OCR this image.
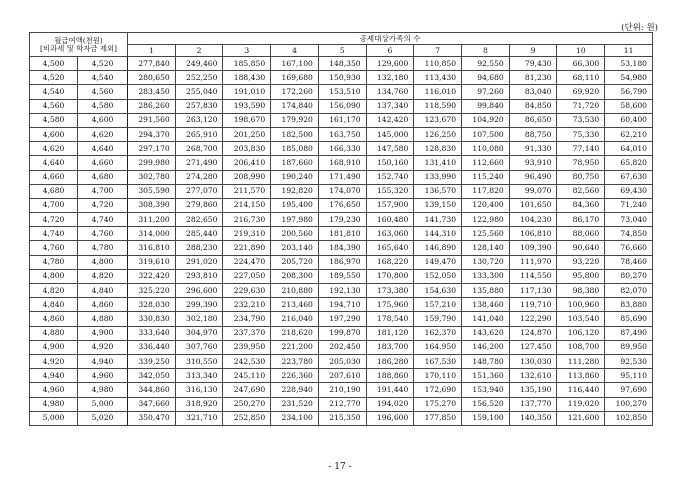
(단위: 원)
월급여액(천원)
[비과세 및 학자금 제외]		공제대상가족의 수										
		1	2	3	4	5	6	7	8	9	10	11
4,500	4,520	277,840	249,460	185,850	167,100	148,350	129,600	110,850	92,550	79,430	66,300	53,180
4,520	4,540	280,650	252,250	188,430	169,680	150,930	132,180	113,430	94,680	81,230	68,110	54,980
4,540	4,560	283,450	255,040	191,010	172,260	153,510	134,760	116,010	97,260	83,040	69,920	56,790
4,560	4,580	286,260	257,830	193,590	174,840	156,090	137,340	118,590	99,840	84,850	71,720	58,600
4,580	4,600	291,560	263,120	198,670	179,920	161,170	142,420	123,670	104,920	86,650	73,530	60,400
4,600	4,620	294,370	265,910	201,250	182,500	163,750	145,000	126,250	107,500	88,750	75,330	62,210
4,620	4,640	297,170	268,700	203,830	185,080	166,330	147,580	128,830	110,080	91,330	77,140	64,010
4,640	4,660	299,980	271,490	206,410	187,660	168,910	150,160	131,410	112,660	93,910	78,950	65,820
4,660	4,680	302,780	274,280	208,990	190,240	171,490	152,740	133,990	115,240	96,490	80,750	67,630
4,680	4,700	305,590	277,070	211,570	192,820	174,070	155,320	136,570	117,820	99,070	82,560	69,430
4,700	4,720	308,390	279,860	214,150	195,400	176,650	157,900	139,150	120,400	101,650	84,360	71,240
4,720	4,740	311,200	282,650	216,730	197,980	179,230	160,480	141,730	122,980	104,230	86,170	73,040
4,740	4,760	314,000	285,440	219,310	200,560	181,810	163,060	144,310	125,560	106,810	88,060	74,850
4,760	4,780	316,810	288,230	221,890	203,140	184,390	165,640	146,890	128,140	109,390	90,640	76,660
4,780	4,800	319,610	291,020	224,470	205,720	186,970	168,220	149,470	130,720	111,970	93,220	78,460
4,800	4,820	322,420	293,810	227,050	208,300	189,550	170,800	152,050	133,300	114,550	95,800	80,270
4,820	4,840	325,220	296,600	229,630	210,880	192,130	173,380	154,630	135,880	117,130	98,380	82,070
4,840	4,860	328,030	299,390	232,210	213,460	194,710	175,960	157,210	138,460	119,710	100,960	83,880
4,860	4,880	330,830	302,180	234,790	216,040	197,290	178,540	159,790	141,040	122,290	103,540	85,690
4,880	4,900	333,640	304,970	237,370	218,620	199,870	181,120	162,370	143,620	124,870	106,120	87,490
4,900	4,920	336,440	307,760	239,950	221,200	202,450	183,700	164,950	146,200	127,450	108,700	89,950
4,920	4,940	339,250	310,550	242,530	223,780	205,030	186,280	167,530	148,780	130,030	111,280	92,530
4,940	4,960	342,050	313,340	245,110	226,360	207,610	188,860	170,110	151,360	132,610	113,860	95,110
4,960	4,980	344,860	316,130	247,690	228,940	210,190	191,440	172,690	153,940	135,190	116,440	97,690
4,980	5,000	347,660	318,920	250,270	231,520	212,770	194,020	175,270	156,520	137,770	119,020	100,270
5,000	5,020	350,470	321,710	252,850	234,100	215,350	196,600	177,850	159,100	140,350	121,600	102,850
- 17 -
